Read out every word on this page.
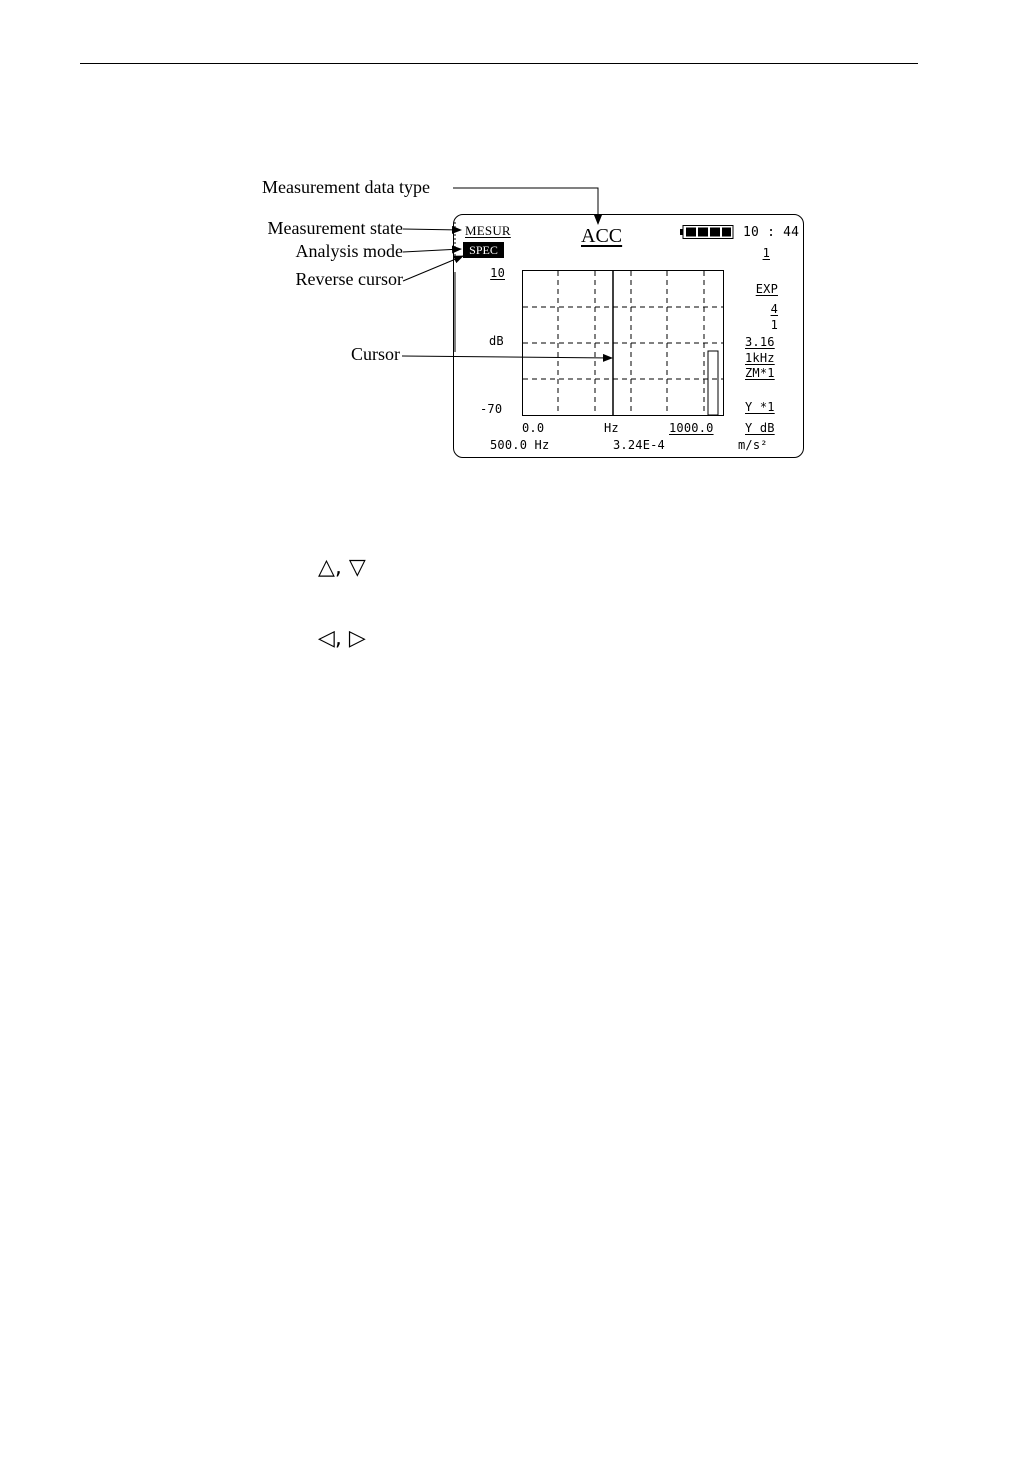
Measurement data type
Measurement state
Analysis mode
Reverse cursor
Cursor
MESUR
SPEC
ACC	10 : 44
1
10
dB
-70
EXP
4
1
3.16
1kHz
ZM*1
Y *1
Y dB
0.0	Hz	1000.0
500.0 Hz	3.24E-4	m/s²
△, ▽
◁, ▷
